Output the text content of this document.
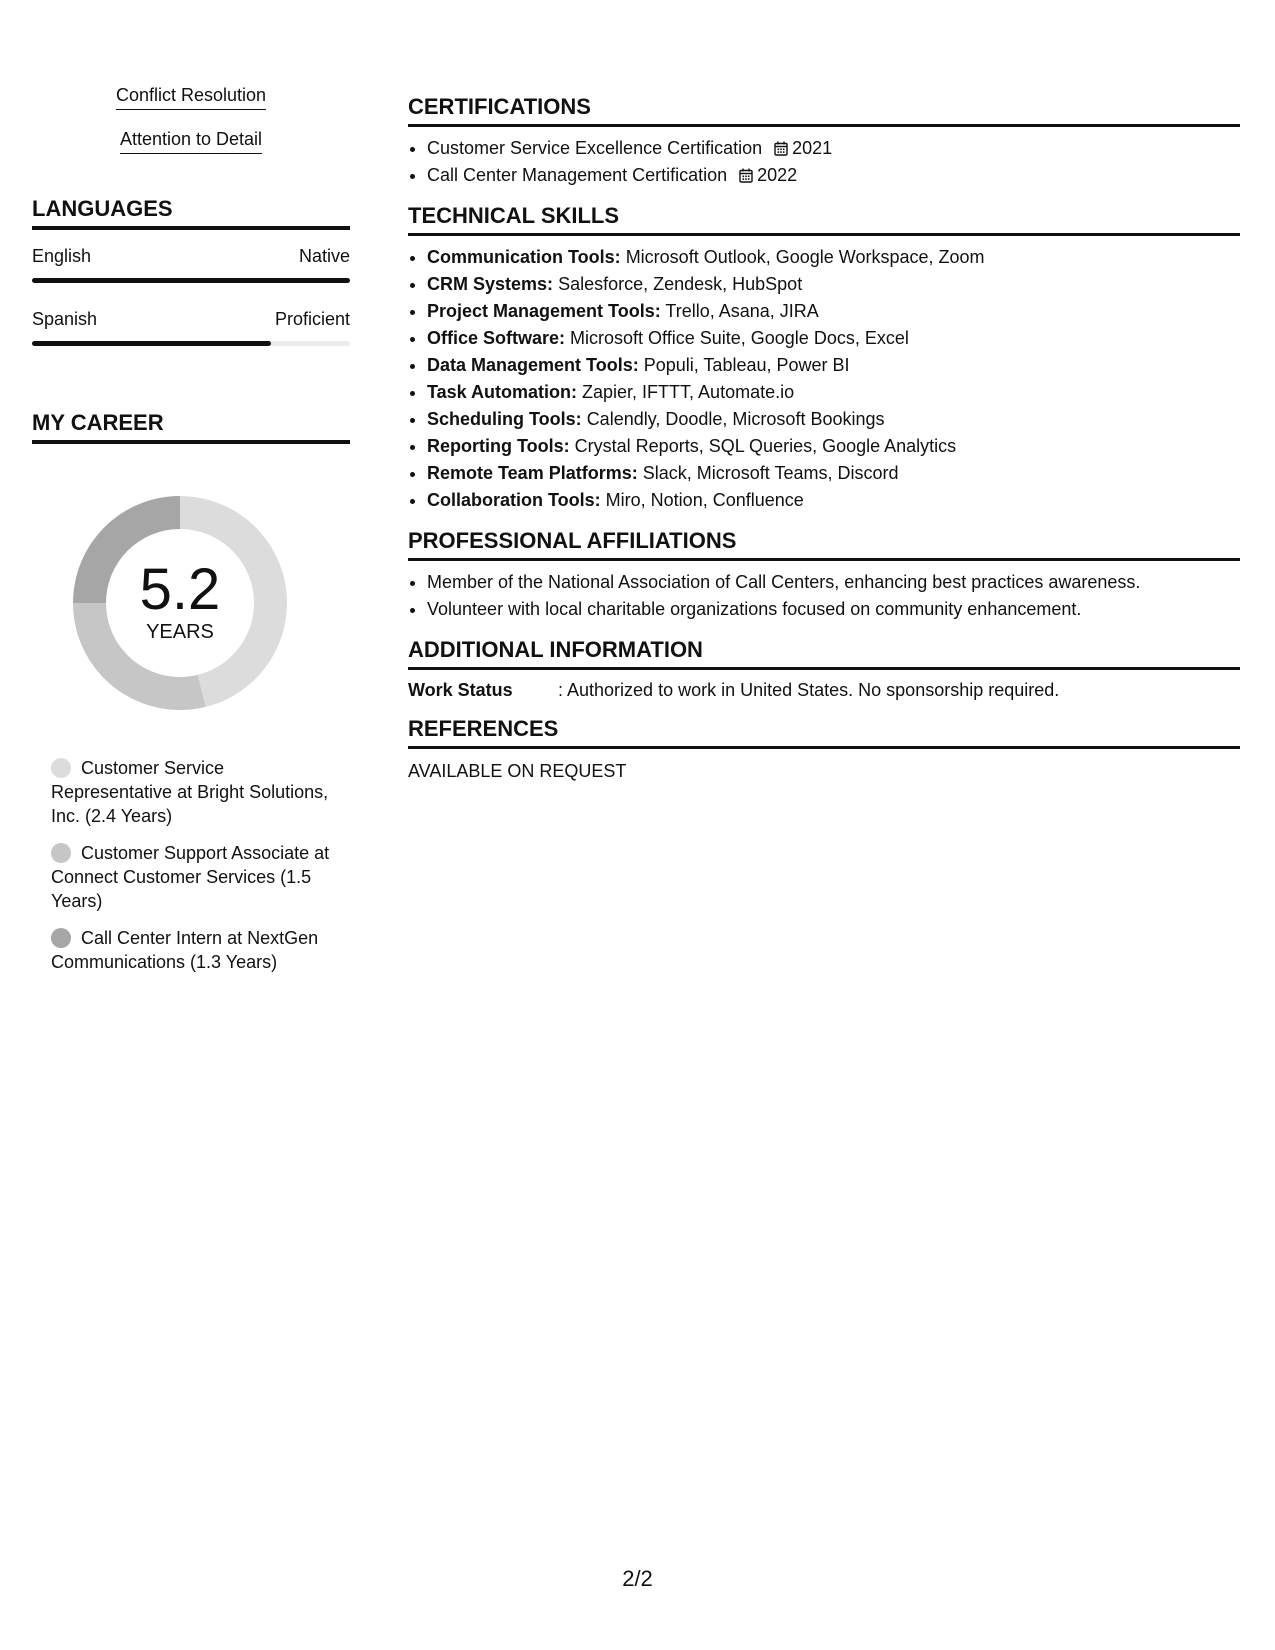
Conflict Resolution
Attention to Detail
LANGUAGES
English	Native
Spanish	Proficient
MY CAREER
5.2
YEARS
Customer Service Representative at Bright Solutions, Inc. (2.4 Years)
Customer Support Associate at Connect Customer Services (1.5 Years)
Call Center Intern at NextGen Communications (1.3 Years)
CERTIFICATIONS
• Customer Service Excellence Certification 2021
• Call Center Management Certification 2022
TECHNICAL SKILLS
• Communication Tools: Microsoft Outlook, Google Workspace, Zoom
• CRM Systems: Salesforce, Zendesk, HubSpot
• Project Management Tools: Trello, Asana, JIRA
• Office Software: Microsoft Office Suite, Google Docs, Excel
• Data Management Tools: Populi, Tableau, Power BI
• Task Automation: Zapier, IFTTT, Automate.io
• Scheduling Tools: Calendly, Doodle, Microsoft Bookings
• Reporting Tools: Crystal Reports, SQL Queries, Google Analytics
• Remote Team Platforms: Slack, Microsoft Teams, Discord
• Collaboration Tools: Miro, Notion, Confluence
PROFESSIONAL AFFILIATIONS
• Member of the National Association of Call Centers, enhancing best practices awareness.
• Volunteer with local charitable organizations focused on community enhancement.
ADDITIONAL INFORMATION
Work Status	: Authorized to work in United States. No sponsorship required.
REFERENCES
AVAILABLE ON REQUEST
2/2
